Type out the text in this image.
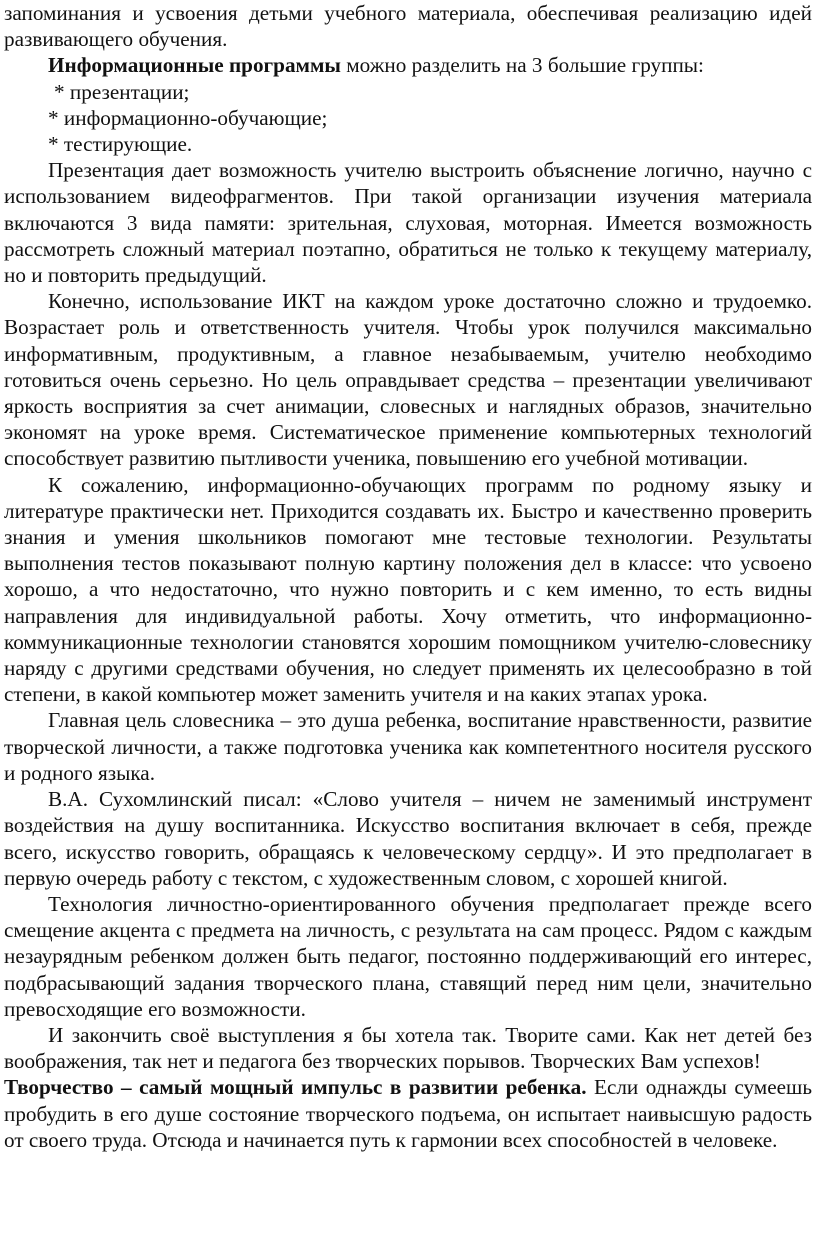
запоминания и усвоения детьми учебного материала, обеспечивая реализацию идей развивающего обучения.

Информационные программы можно разделить на 3 большие группы:

* презентации;

* информационно-обучающие;

* тестирующие.

Презентация дает возможность учителю выстроить объяснение логично, научно с использованием видеофрагментов. При такой организации изучения материала включаются 3 вида памяти: зрительная, слуховая, моторная. Имеется возможность рассмотреть сложный материал поэтапно, обратиться не только к текущему материалу, но и повторить предыдущий.

Конечно, использование ИКТ на каждом уроке достаточно сложно и трудоемко. Возрастает роль и ответственность учителя. Чтобы урок получился максимально информативным, продуктивным, а главное незабываемым, учителю необходимо готовиться очень серьезно. Но цель оправдывает средства – презентации увеличивают яркость восприятия за счет анимации, словесных и наглядных образов, значительно экономят на уроке время. Систематическое применение компьютерных технологий способствует развитию пытливости ученика, повышению его учебной мотивации.

К сожалению, информационно-обучающих программ по родному языку и литературе практически нет. Приходится создавать их. Быстро и качественно проверить знания и умения школьников помогают мне тестовые технологии. Результаты выполнения тестов показывают полную картину положения дел в классе: что усвоено хорошо, а что недостаточно, что нужно повторить и с кем именно, то есть видны направления для индивидуальной работы. Хочу отметить, что информационно-коммуникационные технологии становятся хорошим помощником учителю-словеснику наряду с другими средствами обучения, но следует применять их целесообразно в той степени, в какой компьютер может заменить учителя и на каких этапах урока.

Главная цель словесника – это душа ребенка, воспитание нравственности, развитие творческой личности, а также подготовка ученика как компетентного носителя русского и родного языка.

В.А. Сухомлинский писал: «Слово учителя – ничем не заменимый инструмент воздействия на душу воспитанника. Искусство воспитания включает в себя, прежде всего, искусство говорить, обращаясь к человеческому сердцу». И это предполагает в первую очередь работу с текстом, с художественным словом, с хорошей книгой.

Технология личностно-ориентированного обучения предполагает прежде всего смещение акцента с предмета на личность, с результата на сам процесс. Рядом с каждым незаурядным ребенком должен быть педагог, постоянно поддерживающий его интерес, подбрасывающий задания творческого плана, ставящий перед ним цели, значительно превосходящие его возможности.

И закончить своё выступления я бы хотела так. Творите сами. Как нет детей без воображения, так нет и педагога без творческих порывов. Творческих Вам успехов!

Творчество – самый мощный импульс в развитии ребенка. Если однажды сумеешь пробудить в его душе состояние творческого подъема, он испытает наивысшую радость от своего труда. Отсюда и начинается путь к гармонии всех способностей в человеке.
